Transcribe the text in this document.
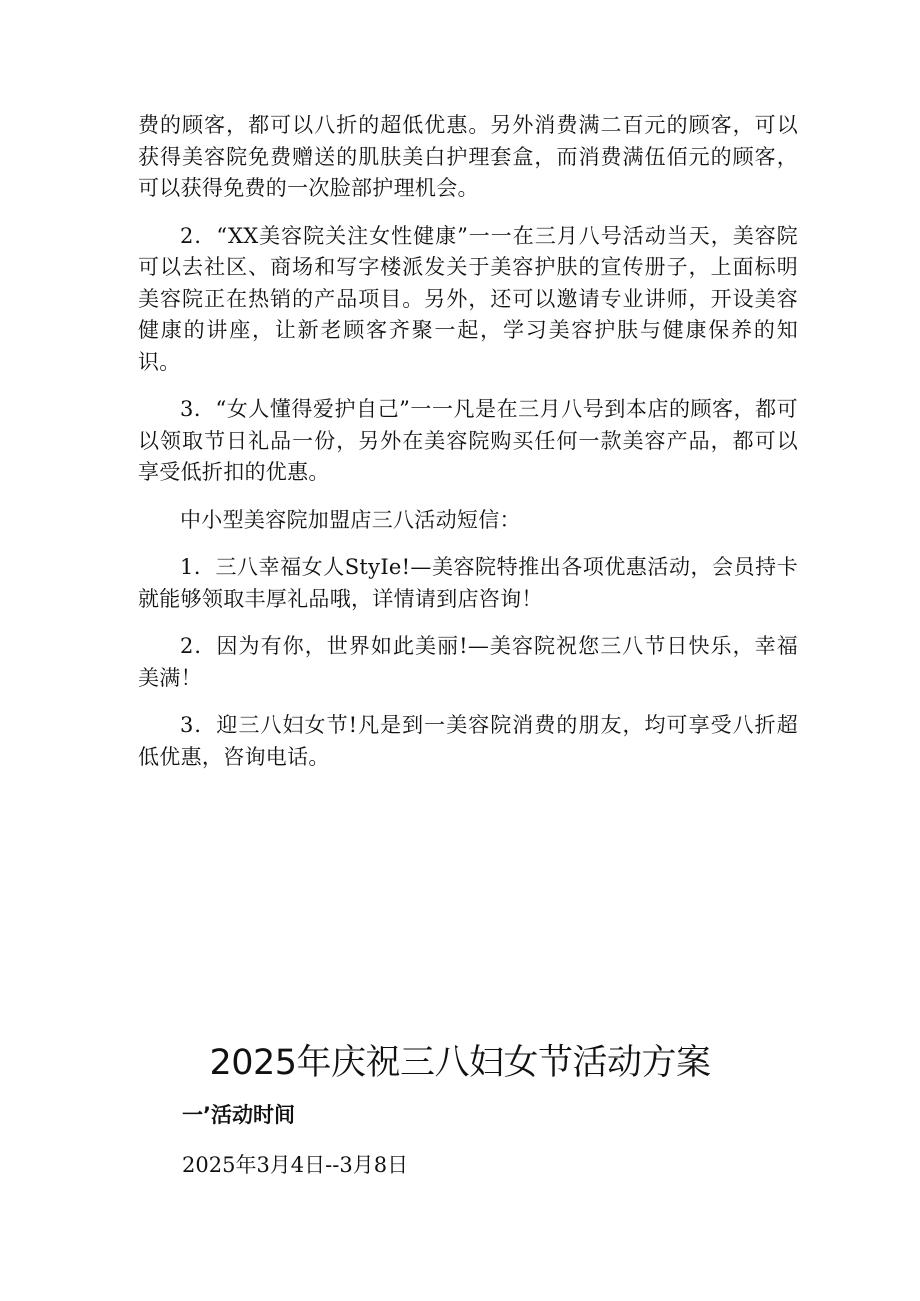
费的顾客，都可以八折的超低优惠。另外消费满二百元的顾客，可以获得美容院免费赠送的肌肤美白护理套盒，而消费满伍佰元的顾客，可以获得免费的一次脸部护理机会。

2．“XX美容院关注女性健康”一一在三月八号活动当天，美容院可以去社区、商场和写字楼派发关于美容护肤的宣传册子，上面标明美容院正在热销的产品项目。另外，还可以邀请专业讲师，开设美容健康的讲座，让新老顾客齐聚一起，学习美容护肤与健康保养的知识。

3．“女人懂得爱护自己”一一凡是在三月八号到本店的顾客，都可以领取节日礼品一份，另外在美容院购买任何一款美容产品，都可以享受低折扣的优惠。

中小型美容院加盟店三八活动短信：

1．三八幸福女人StyIe!—美容院特推出各项优惠活动，会员持卡就能够领取丰厚礼品哦，详情请到店咨询！

2．因为有你，世界如此美丽!—美容院祝您三八节日快乐，幸福美满！

3．迎三八妇女节!凡是到一美容院消费的朋友，均可享受八折超低优惠，咨询电话。

2025年庆祝三八妇女节活动方案
一’活动时间

2025年3月4日--3月8日
